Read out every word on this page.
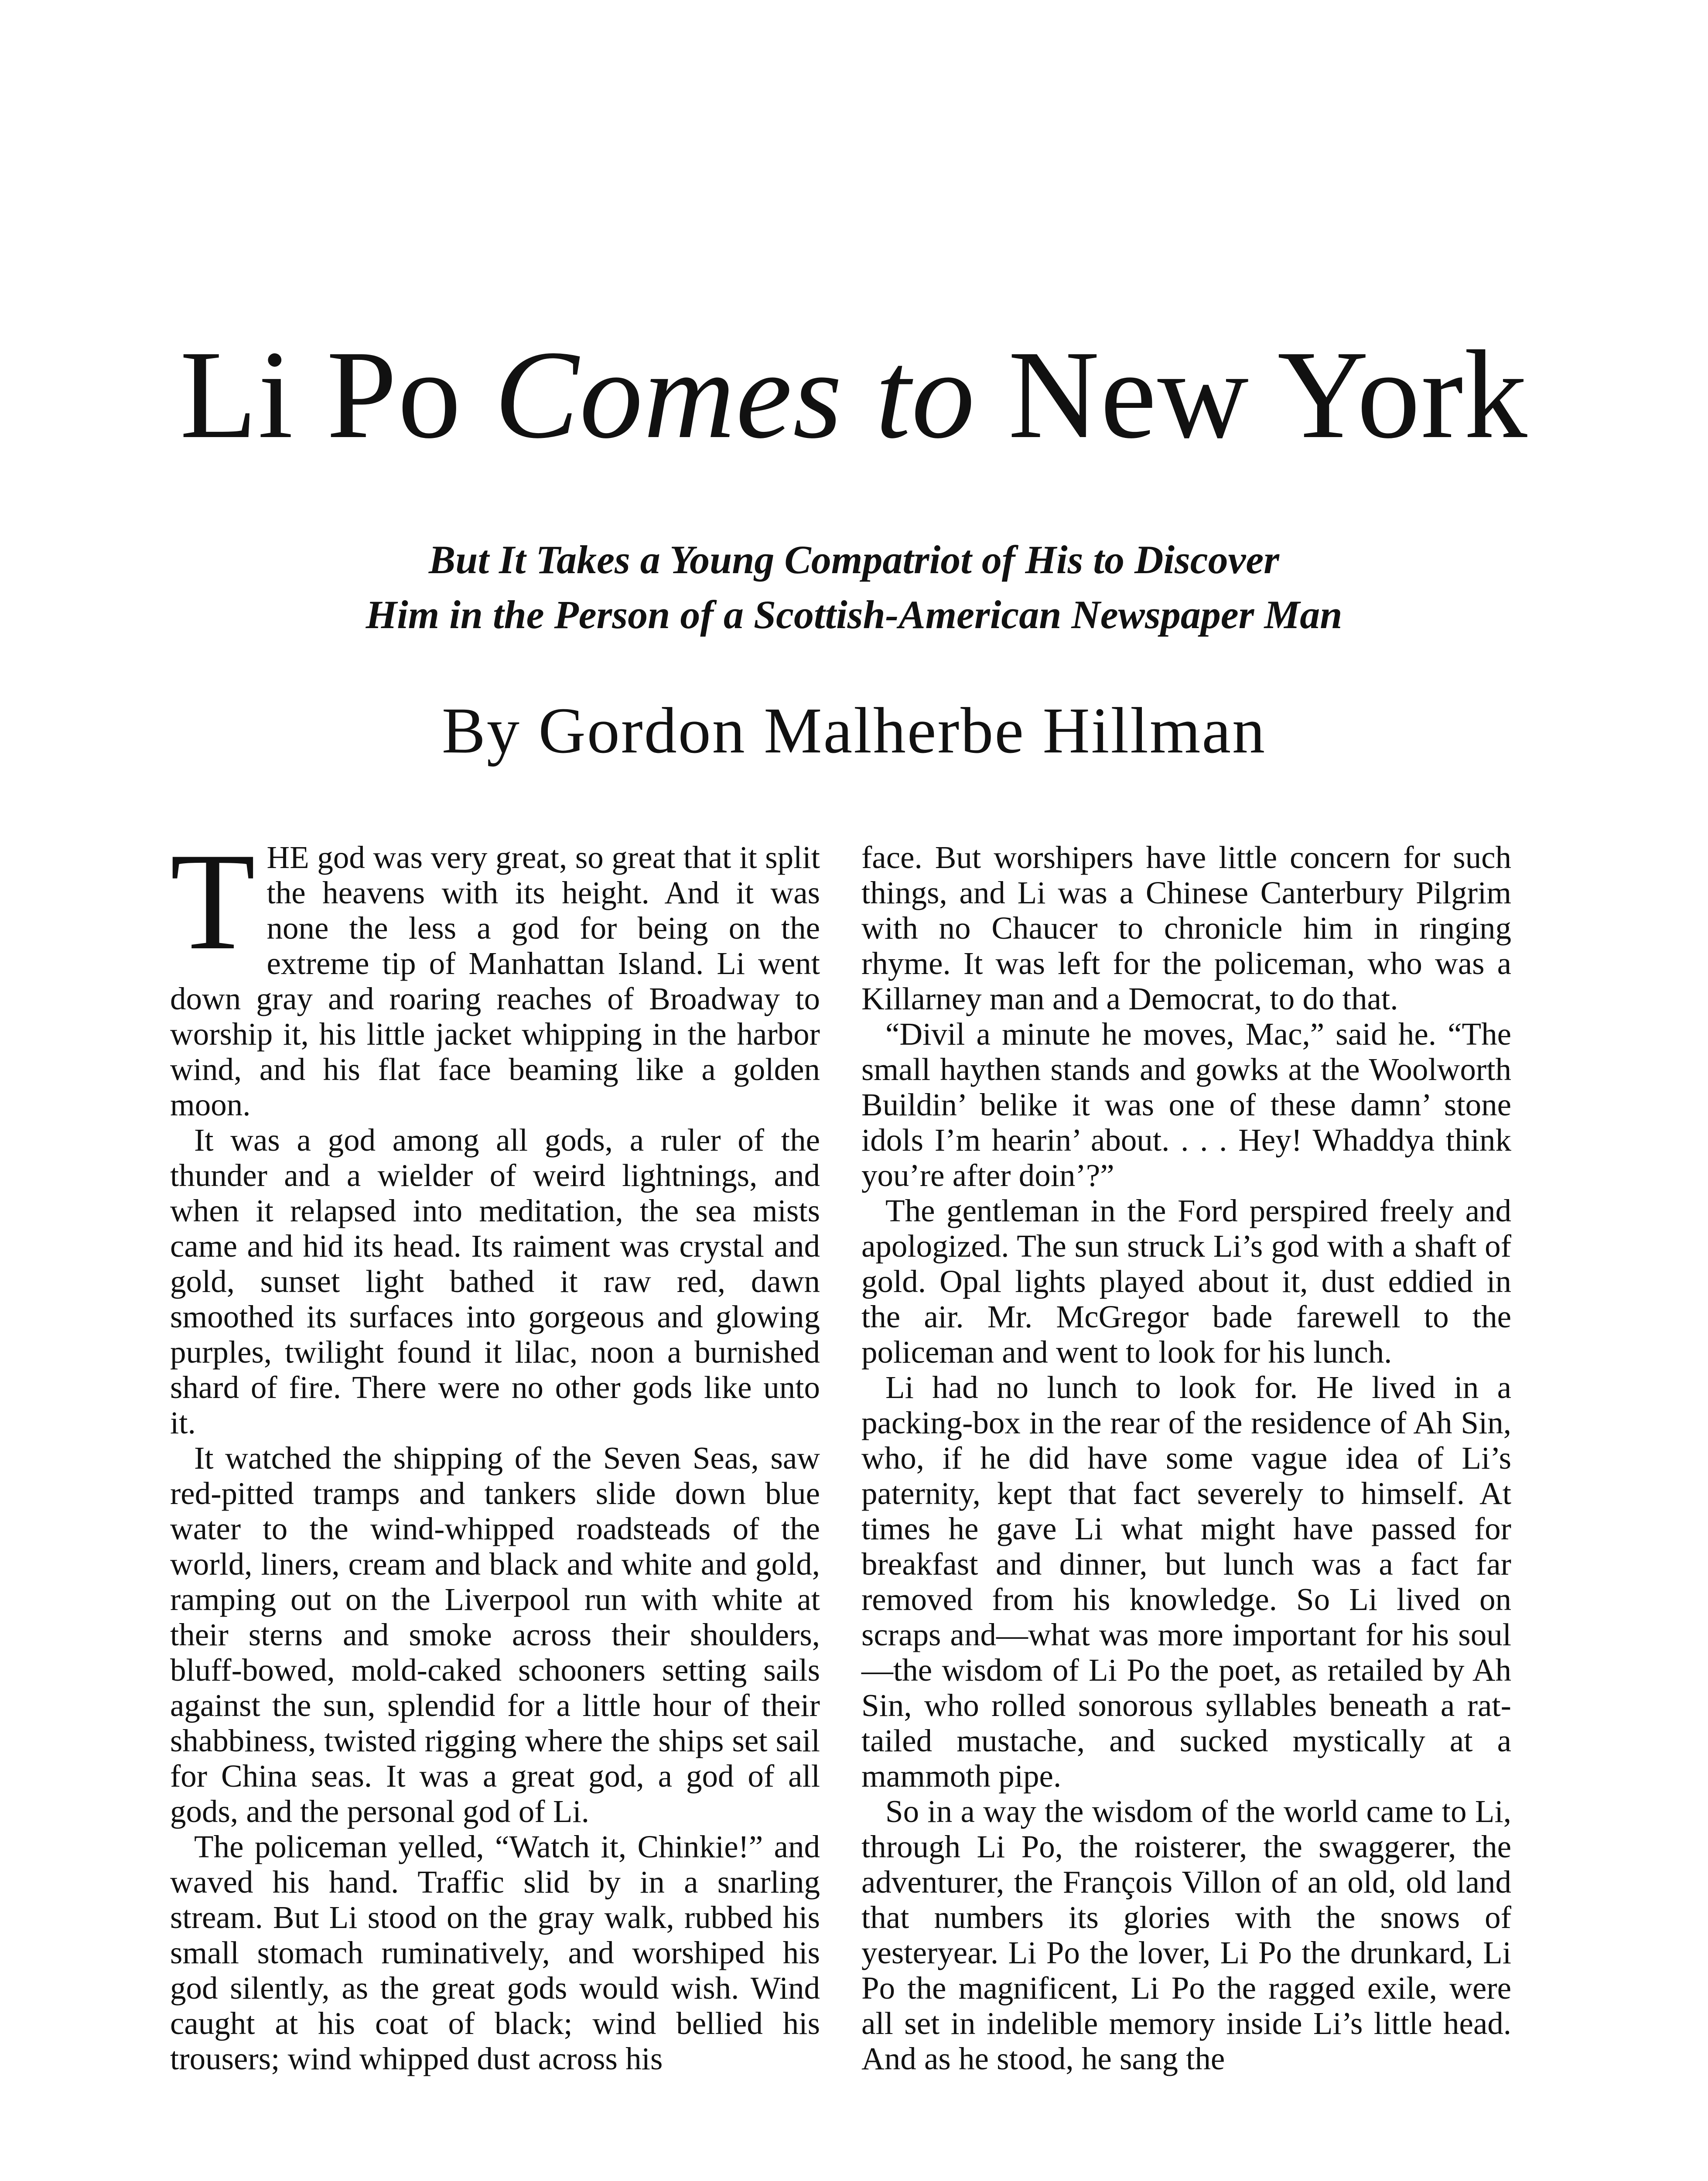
Li Po Comes to New York
But It Takes a Young Compatriot of His to Discover
Him in the Person of a Scottish-American Newspaper Man
By Gordon Malherbe Hillman

THE god was very great, so great that it split the heavens with its height. And it was none the less a god for being on the extreme tip of Manhattan Island. Li went down gray and roaring reaches of Broadway to worship it, his little jacket whipping in the harbor wind, and his flat face beaming like a golden moon.

It was a god among all gods, a ruler of the thunder and a wielder of weird lightnings, and when it relapsed into meditation, the sea mists came and hid its head. Its raiment was crystal and gold, sunset light bathed it raw red, dawn smoothed its surfaces into gorgeous and glowing purples, twilight found it lilac, noon a burnished shard of fire. There were no other gods like unto it.

It watched the shipping of the Seven Seas, saw red-pitted tramps and tankers slide down blue water to the wind-whipped roadsteads of the world, liners, cream and black and white and gold, ramping out on the Liverpool run with white at their sterns and smoke across their shoulders, bluff-bowed, mold-caked schooners setting sails against the sun, splendid for a little hour of their shabbiness, twisted rigging where the ships set sail for China seas. It was a great god, a god of all gods, and the personal god of Li.

The policeman yelled, “Watch it, Chinkie!” and waved his hand. Traffic slid by in a snarling stream. But Li stood on the gray walk, rubbed his small stomach ruminatively, and worshiped his god silently, as the great gods would wish. Wind caught at his coat of black; wind bellied his trousers; wind whipped dust across his

face. But worshipers have little concern for such things, and Li was a Chinese Canterbury Pilgrim with no Chaucer to chronicle him in ringing rhyme. It was left for the policeman, who was a Killarney man and a Democrat, to do that.

“Divil a minute he moves, Mac,” said he. “The small haythen stands and gowks at the Woolworth Buildin’ belike it was one of these damn’ stone idols I’m hearin’ about. . . . Hey! Whaddya think you’re after doin’?”

The gentleman in the Ford perspired freely and apologized. The sun struck Li’s god with a shaft of gold. Opal lights played about it, dust eddied in the air. Mr. McGregor bade farewell to the policeman and went to look for his lunch.

Li had no lunch to look for. He lived in a packing-box in the rear of the residence of Ah Sin, who, if he did have some vague idea of Li’s paternity, kept that fact severely to himself. At times he gave Li what might have passed for breakfast and dinner, but lunch was a fact far removed from his knowledge. So Li lived on scraps and—what was more important for his soul—the wisdom of Li Po the poet, as retailed by Ah Sin, who rolled sonorous syllables beneath a rat-tailed mustache, and sucked mystically at a mammoth pipe.

So in a way the wisdom of the world came to Li, through Li Po, the roisterer, the swaggerer, the adventurer, the François Villon of an old, old land that numbers its glories with the snows of yesteryear. Li Po the lover, Li Po the drunkard, Li Po the magnificent, Li Po the ragged exile, were all set in indelible memory inside Li’s little head. And as he stood, he sang the
